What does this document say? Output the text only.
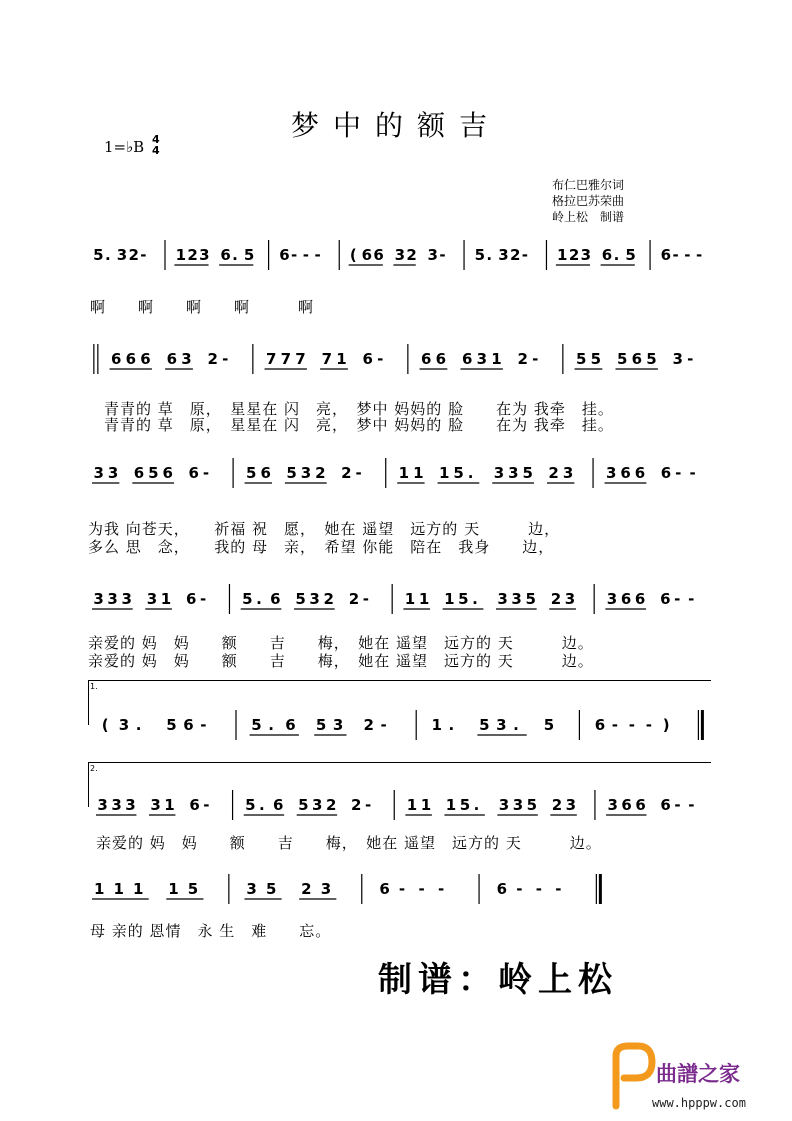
梦中的额吉
1=♭B 4
4
布仁巴雅尔词
格拉巴苏荣曲
岭上松　制谱
5 . 3 2 - 1 2 3 6 . 5 6 - - - ( 6 6 3 2 3 - 5 . 3 2 - 1 2 3 6 . 5 6 - - -
啊　　啊　　啊　　啊　　　啊
6 6 6 6 3 2 -	7 7 7 7 1 6 -	6 6 6 3 1 2 -	5 5 5 6 5 3 -
青青的 草　原，　星星在 闪　亮，　梦中 妈妈的 脸　　在为 我牵　挂。
青青的 草　原，　星星在 闪　亮，　梦中 妈妈的 脸　　在为 我牵　挂。
3 3 6 5 6 6 - 5 6 5 3 2 2 - 1 1 1 5 . 3 3 5 2 3 3 6 6 6 - -
为我 向苍天，　　祈福 祝　愿，　她在 遥望　远方的 天　　　边，
多么 思　念，　　我的 母　亲，　希望 你能　陪在　我身　　边，
3 3 3 3 1 6 - 5 . 6 5 3 2 2 - 1 1 1 5 . 3 3 5 2 3 3 6 6 6 - -
亲爱的 妈　妈　　额　　吉　　梅，　她在 遥望　远方的 天　　　边。
亲爱的 妈　妈　　额　　吉　　梅，　她在 遥望　远方的 天　　　边。
1.
( 3 . 5 6 -	5 . 6 5 3 2 -	1 . 5 3 . 5	6 - - - )
2.
3 3 3 3 1 6 - 5 . 6 5 3 2 2 - 1 1 1 5 . 3 3 5 2 3 3 6 6 6 - -
亲爱的 妈　妈　　额　　吉　　梅，　她在 遥望　远方的 天　　　边。
1 1 1 1 5	3 5 2 3	6 - - -	6 - - -
母 亲的 恩情　永 生　难　　忘。
制谱：岭上松
曲譜之家
www.hpppw.com
